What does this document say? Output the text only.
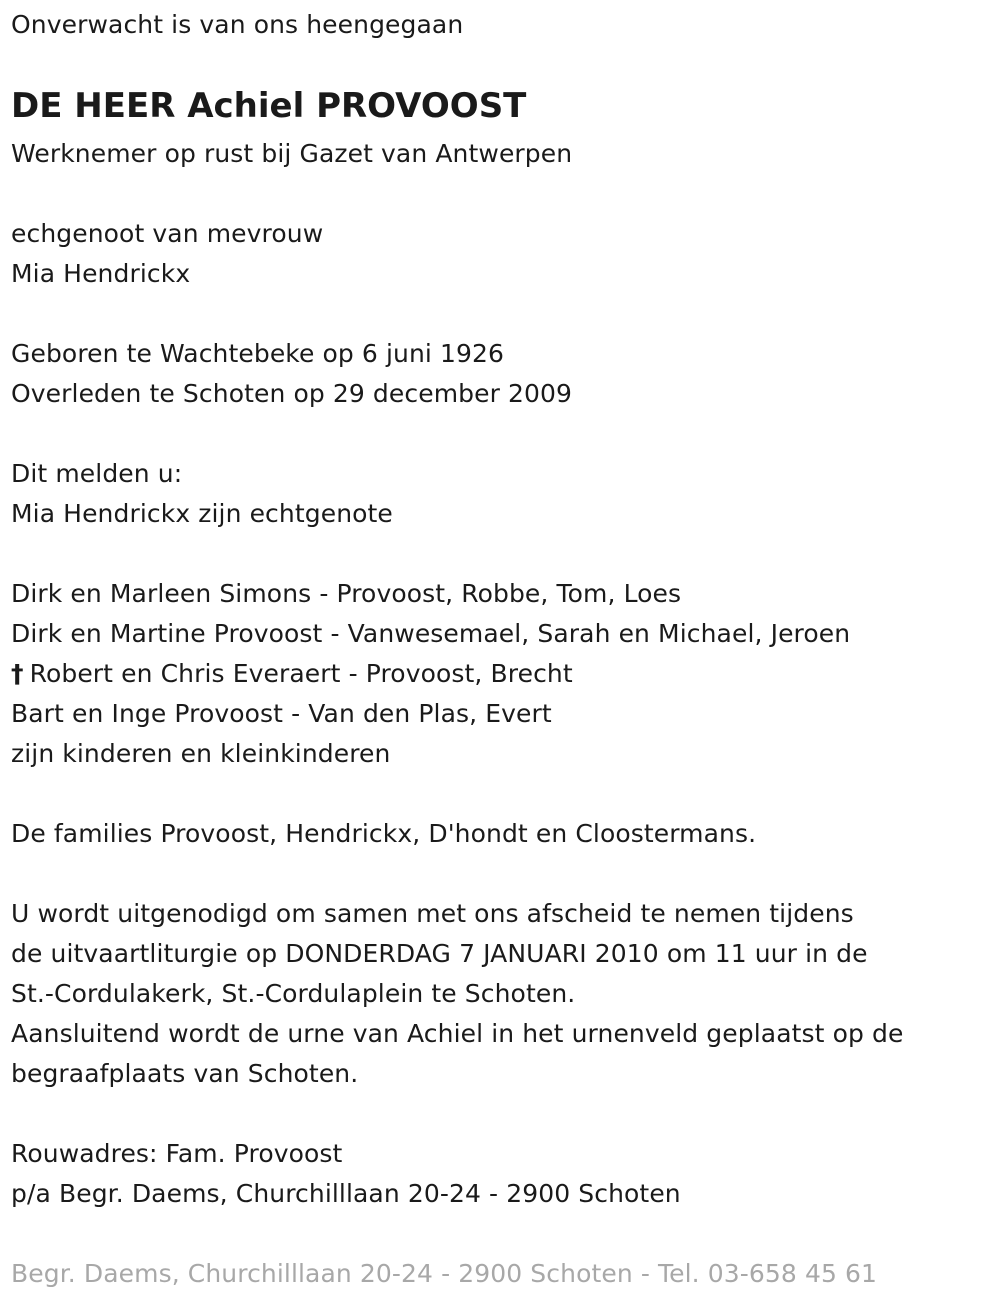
Onverwacht is van ons heengegaan
DE HEER Achiel PROVOOST
Werknemer op rust bij Gazet van Antwerpen
echgenoot van mevrouw
Mia Hendrickx
Geboren te Wachtebeke op 6 juni 1926
Overleden te Schoten op 29 december 2009
Dit melden u:
Mia Hendrickx zijn echtgenote
Dirk en Marleen Simons - Provoost, Robbe, Tom, Loes
Dirk en Martine Provoost - Vanwesemael, Sarah en Michael, Jeroen
† Robert en Chris Everaert - Provoost, Brecht
Bart en Inge Provoost - Van den Plas, Evert
zijn kinderen en kleinkinderen
De families Provoost, Hendrickx, D'hondt en Cloostermans.
U wordt uitgenodigd om samen met ons afscheid te nemen tijdens
de uitvaartliturgie op DONDERDAG 7 JANUARI 2010 om 11 uur in de
St.-Cordulakerk, St.-Cordulaplein te Schoten.
Aansluitend wordt de urne van Achiel in het urnenveld geplaatst op de
begraafplaats van Schoten.
Rouwadres: Fam. Provoost
p/a Begr. Daems, Churchilllaan 20-24 - 2900 Schoten
Begr. Daems, Churchilllaan 20-24 - 2900 Schoten - Tel. 03-658 45 61
